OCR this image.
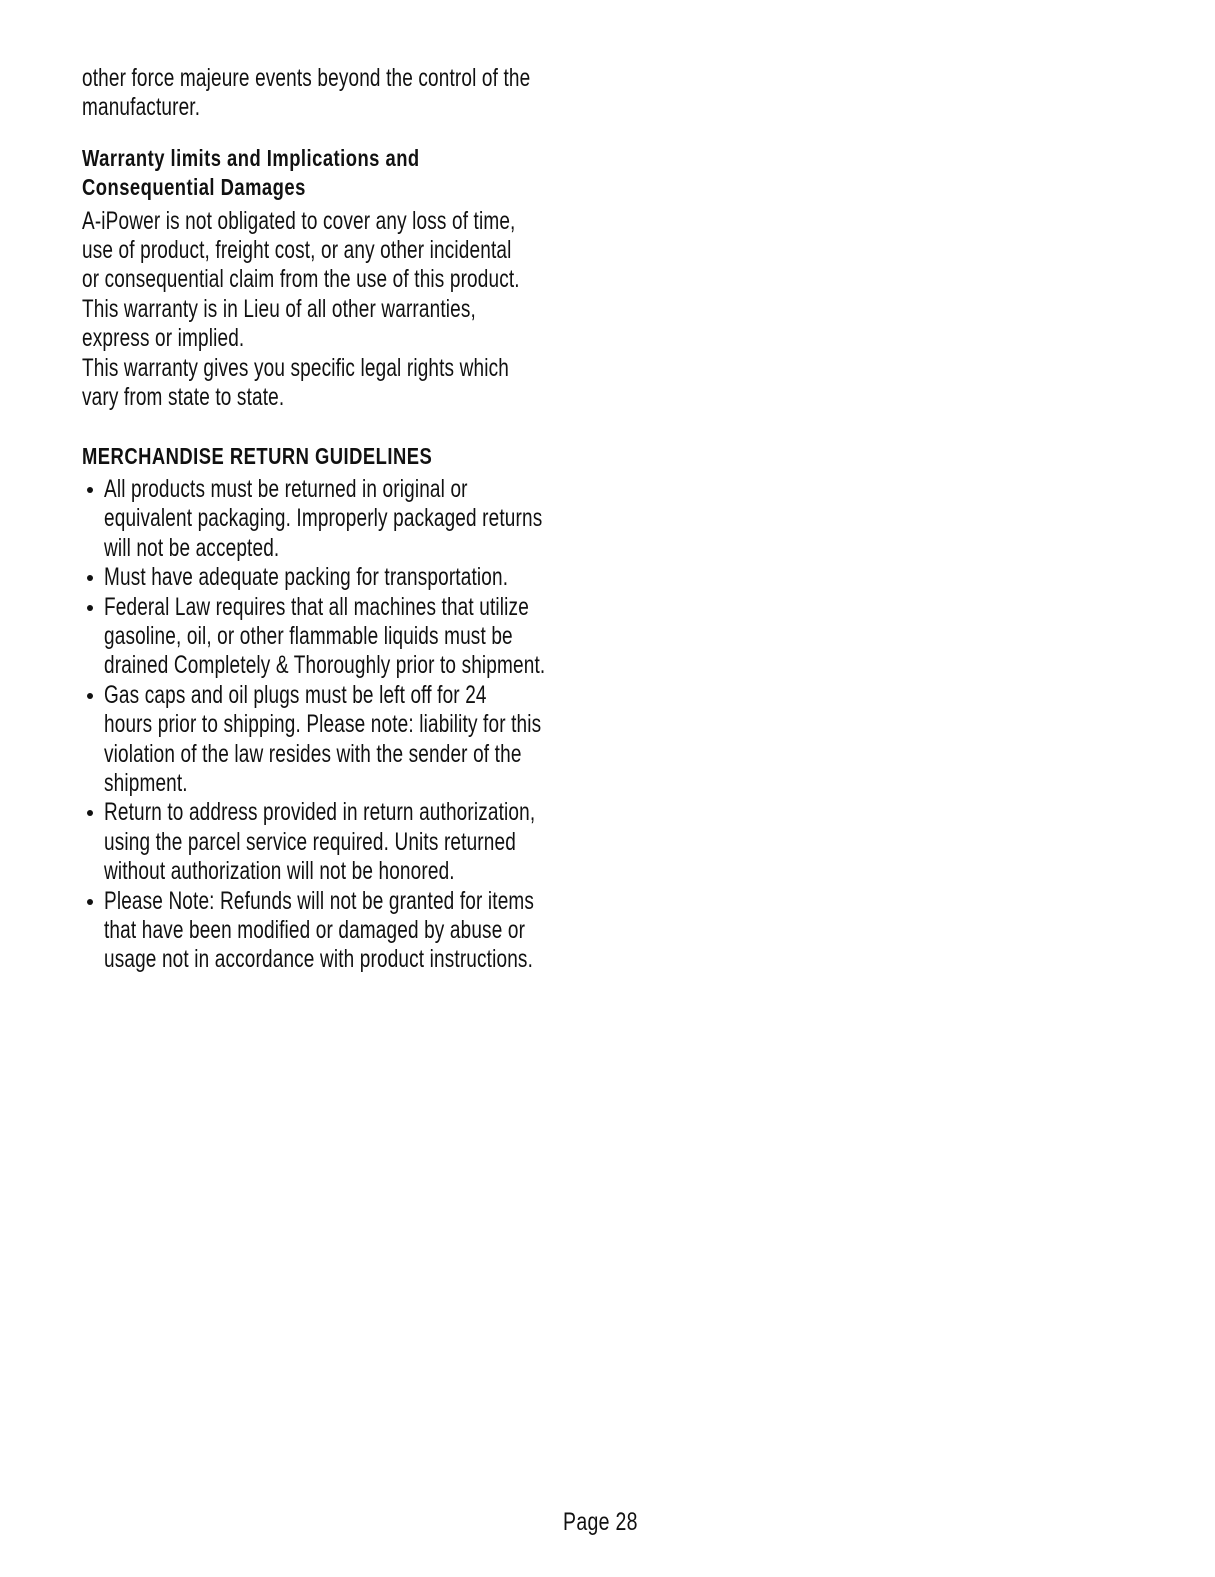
other force majeure events beyond the control of the
manufacturer.
Warranty limits and Implications and
Consequential Damages
A-iPower is not obligated to cover any loss of time,
use of product, freight cost, or any other incidental
or consequential claim from the use of this product.
This warranty is in Lieu of all other warranties,
express or implied.
This warranty gives you specific legal rights which
vary from state to state.
MERCHANDISE RETURN GUIDELINES
All products must be returned in original or
equivalent packaging. Improperly packaged returns
will not be accepted.
Must have adequate packing for transportation.
Federal Law requires that all machines that utilize
gasoline, oil, or other flammable liquids must be
drained Completely & Thoroughly prior to shipment.
Gas caps and oil plugs must be left off for 24
hours prior to shipping. Please note: liability for this
violation of the law resides with the sender of the
shipment.
Return to address provided in return authorization,
using the parcel service required. Units returned
without authorization will not be honored.
Please Note: Refunds will not be granted for items
that have been modified or damaged by abuse or
usage not in accordance with product instructions.
Page 28
